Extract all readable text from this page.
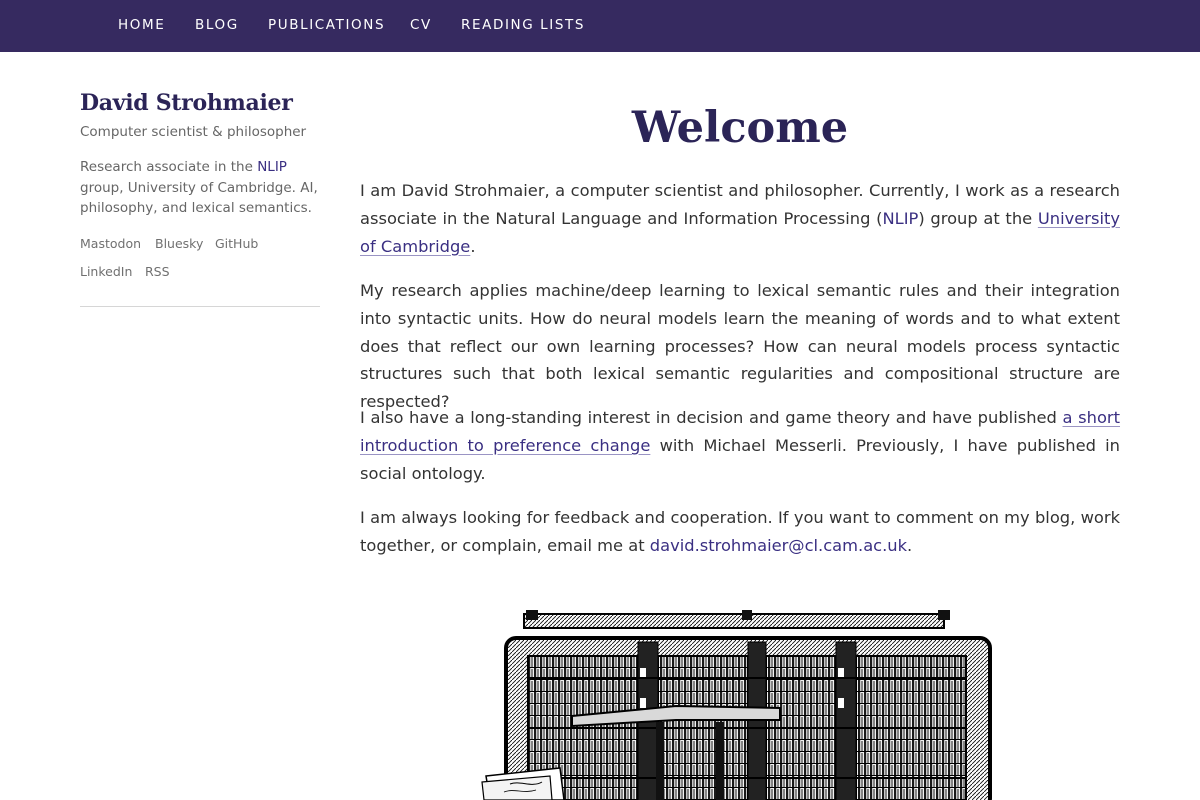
HOME BLOG PUBLICATIONS CV READING LISTS
David Strohmaier
Computer scientist & philosopher
Research associate in the NLIP group, University of Cambridge. AI, philosophy, and lexical semantics.
Mastodon Bluesky GitHub
LinkedIn RSS
Welcome

I am David Strohmaier, a computer scientist and philosopher. Currently, I work as a research associate in the Natural Language and Information Processing (NLIP) group at the University of Cambridge.

My research applies machine/deep learning to lexical semantic rules and their integration into syntactic units. How do neural models learn the meaning of words and to what extent does that reflect our own learning processes? How can neural models process syntactic structures such that both lexical semantic regularities and compositional structure are respected?

I also have a long-standing interest in decision and game theory and have published a short introduction to preference change with Michael Messerli. Previously, I have published in social ontology.

I am always looking for feedback and cooperation. If you want to comment on my blog, work together, or complain, email me at david.strohmaier@cl.cam.ac.uk.
